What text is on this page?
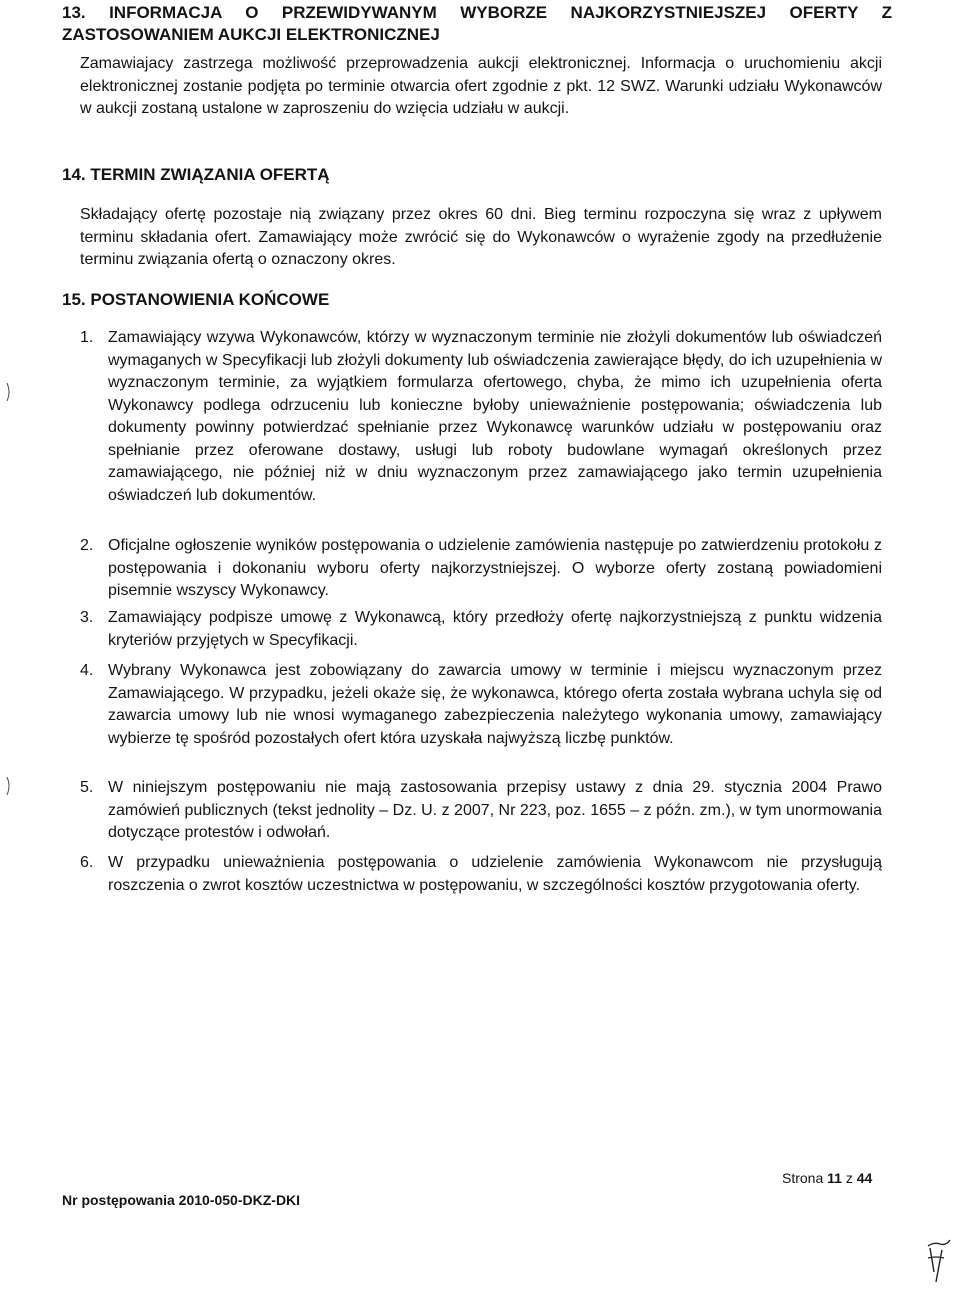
13. INFORMACJA O PRZEWIDYWANYM WYBORZE NAJKORZYSTNIEJSZEJ OFERTY Z
ZASTOSOWANIEM AUKCJI ELEKTRONICZNEJ

Zamawiajacy zastrzega możliwość przeprowadzenia aukcji elektronicznej. Informacja o uruchomieniu akcji elektronicznej zostanie podjęta po terminie otwarcia ofert zgodnie z pkt. 12 SWZ. Warunki udziału Wykonawców w aukcji zostaną ustalone w zaproszeniu do wzięcia udziału w aukcji.

14. TERMIN ZWIĄZANIA OFERTĄ

Składający ofertę pozostaje nią związany przez okres 60 dni. Bieg terminu rozpoczyna się wraz z upływem terminu składania ofert. Zamawiający może zwrócić się do Wykonawców o wyrażenie zgody na przedłużenie terminu związania ofertą o oznaczony okres.

15. POSTANOWIENIA KOŃCOWE
1. Zamawiający wzywa Wykonawców, którzy w wyznaczonym terminie nie złożyli dokumentów lub oświadczeń wymaganych w Specyfikacji lub złożyli dokumenty lub oświadczenia zawierające błędy, do ich uzupełnienia w wyznaczonym terminie, za wyjątkiem formularza ofertowego, chyba, że mimo ich uzupełnienia oferta Wykonawcy podlega odrzuceniu lub konieczne byłoby unieważnienie postępowania; oświadczenia lub dokumenty powinny potwierdzać spełnianie przez Wykonawcę warunków udziału w postępowaniu oraz spełnianie przez oferowane dostawy, usługi lub roboty budowlane wymagań określonych przez zamawiającego, nie później niż w dniu wyznaczonym przez zamawiającego jako termin uzupełnienia oświadczeń lub dokumentów.

2. Oficjalne ogłoszenie wyników postępowania o udzielenie zamówienia następuje po zatwierdzeniu protokołu z postępowania i dokonaniu wyboru oferty najkorzystniejszej. O wyborze oferty zostaną powiadomieni pisemnie wszyscy Wykonawcy.

3. Zamawiający podpisze umowę z Wykonawcą, który przedłoży ofertę najkorzystniejszą z punktu widzenia kryteriów przyjętych w Specyfikacji.

4. Wybrany Wykonawca jest zobowiązany do zawarcia umowy w terminie i miejscu wyznaczonym przez Zamawiającego. W przypadku, jeżeli okaże się, że wykonawca, którego oferta została wybrana uchyla się od zawarcia umowy lub nie wnosi wymaganego zabezpieczenia należytego wykonania umowy, zamawiający wybierze tę spośród pozostałych ofert która uzyskała najwyższą liczbę punktów.

5. W niniejszym postępowaniu nie mają zastosowania przepisy ustawy z dnia 29. stycznia 2004 Prawo zamówień publicznych (tekst jednolity – Dz. U. z 2007, Nr 223, poz. 1655 – z późn. zm.), w tym unormowania dotyczące protestów i odwołań.

6. W przypadku unieważnienia postępowania o udzielenie zamówienia Wykonawcom nie przysługują roszczenia o zwrot kosztów uczestnictwa w postępowaniu, w szczególności kosztów przygotowania oferty.

Strona 11 z 44
Nr postępowania 2010-050-DKZ-DKI
